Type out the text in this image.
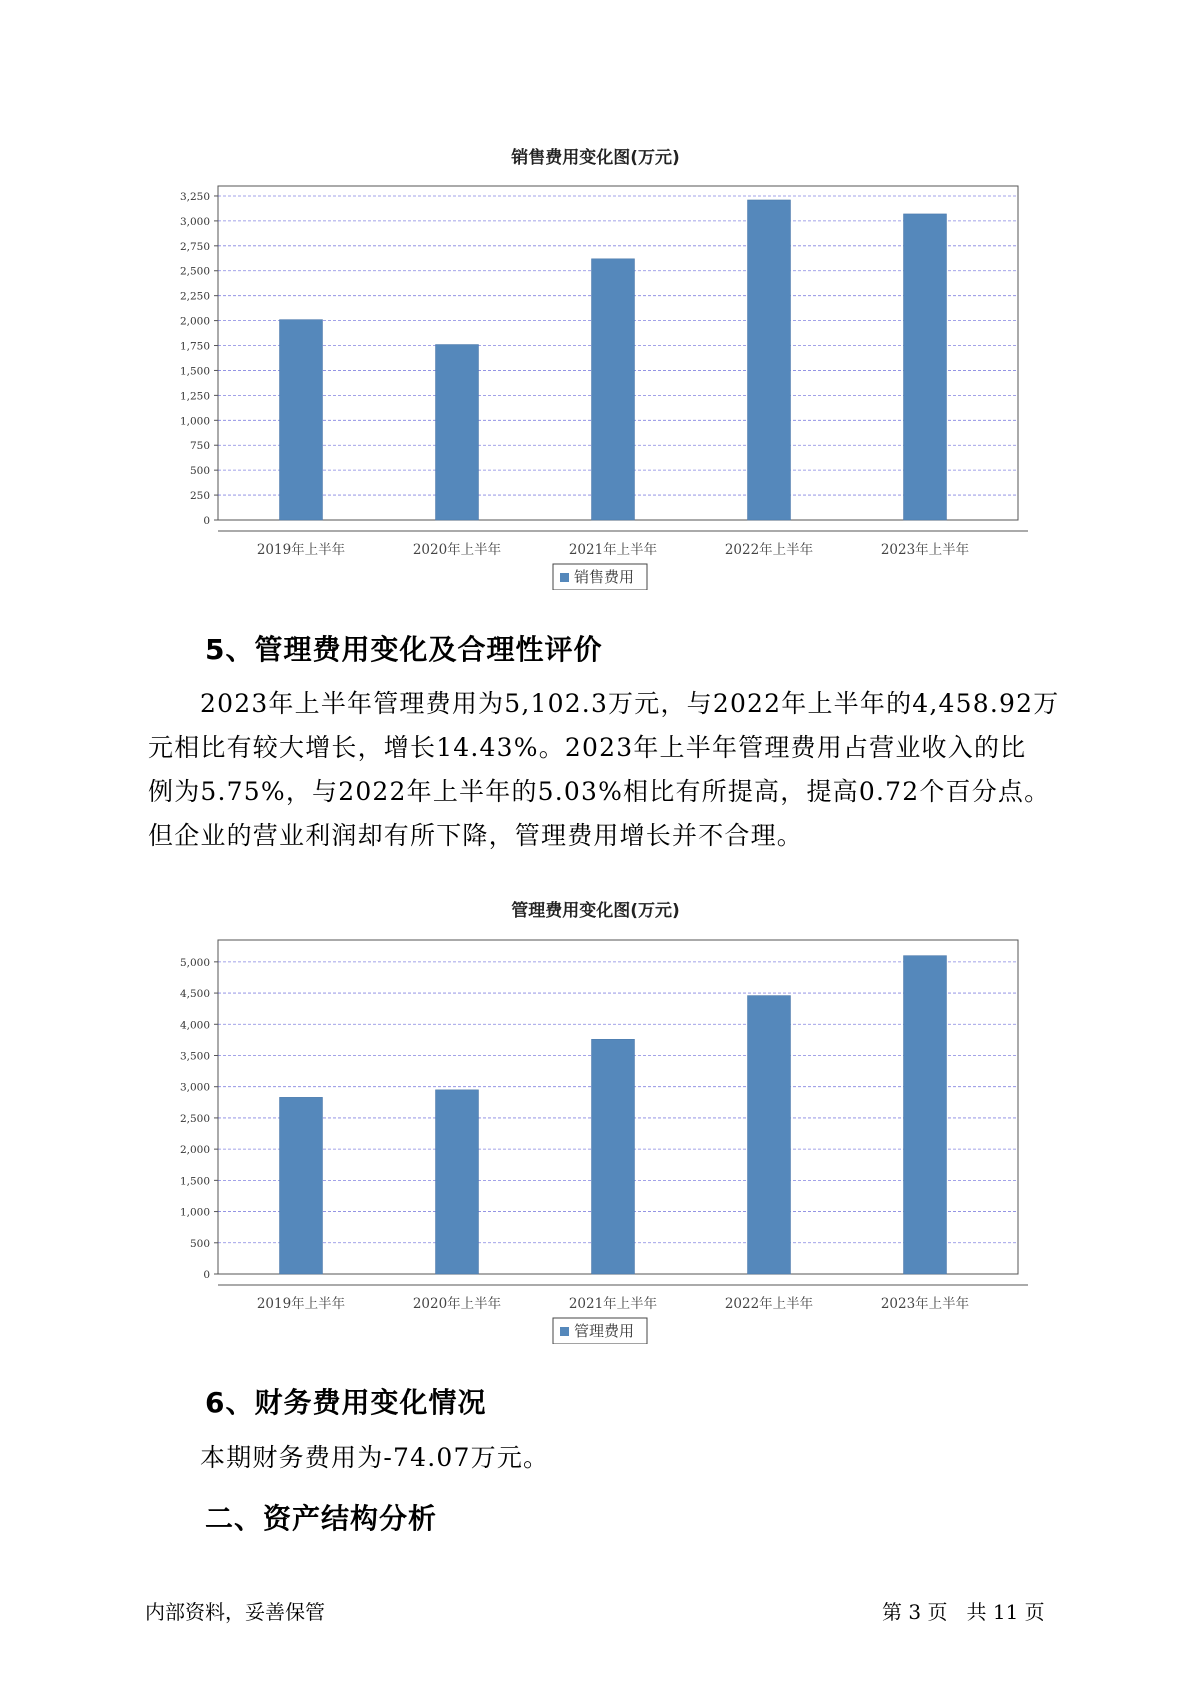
销售费用变化图(万元)
0
250
500
750
1,000
1,250
1,500
1,750
2,000
2,250
2,500
2,750
3,000
3,250
2019年上半年	2020年上半年	2021年上半年	2022年上半年	2023年上半年
销售费用
5、管理费用变化及合理性评价

2023年上半年管理费用为5,102.3万元，与2022年上半年的4,458.92万
元相比有较大增长，增长14.43%。2023年上半年管理费用占营业收入的比
例为5.75%，与2022年上半年的5.03%相比有所提高，提高0.72个百分点。
但企业的营业利润却有所下降，管理费用增长并不合理。

管理费用变化图(万元)
0
500
1,000
1,500
2,000
2,500
3,000
3,500
4,000
4,500
5,000
2019年上半年	2020年上半年	2021年上半年	2022年上半年	2023年上半年
管理费用
6、财务费用变化情况

本期财务费用为-74.07万元。

二、资产结构分析
内部资料，妥善保管	第 3 页   共 11 页
